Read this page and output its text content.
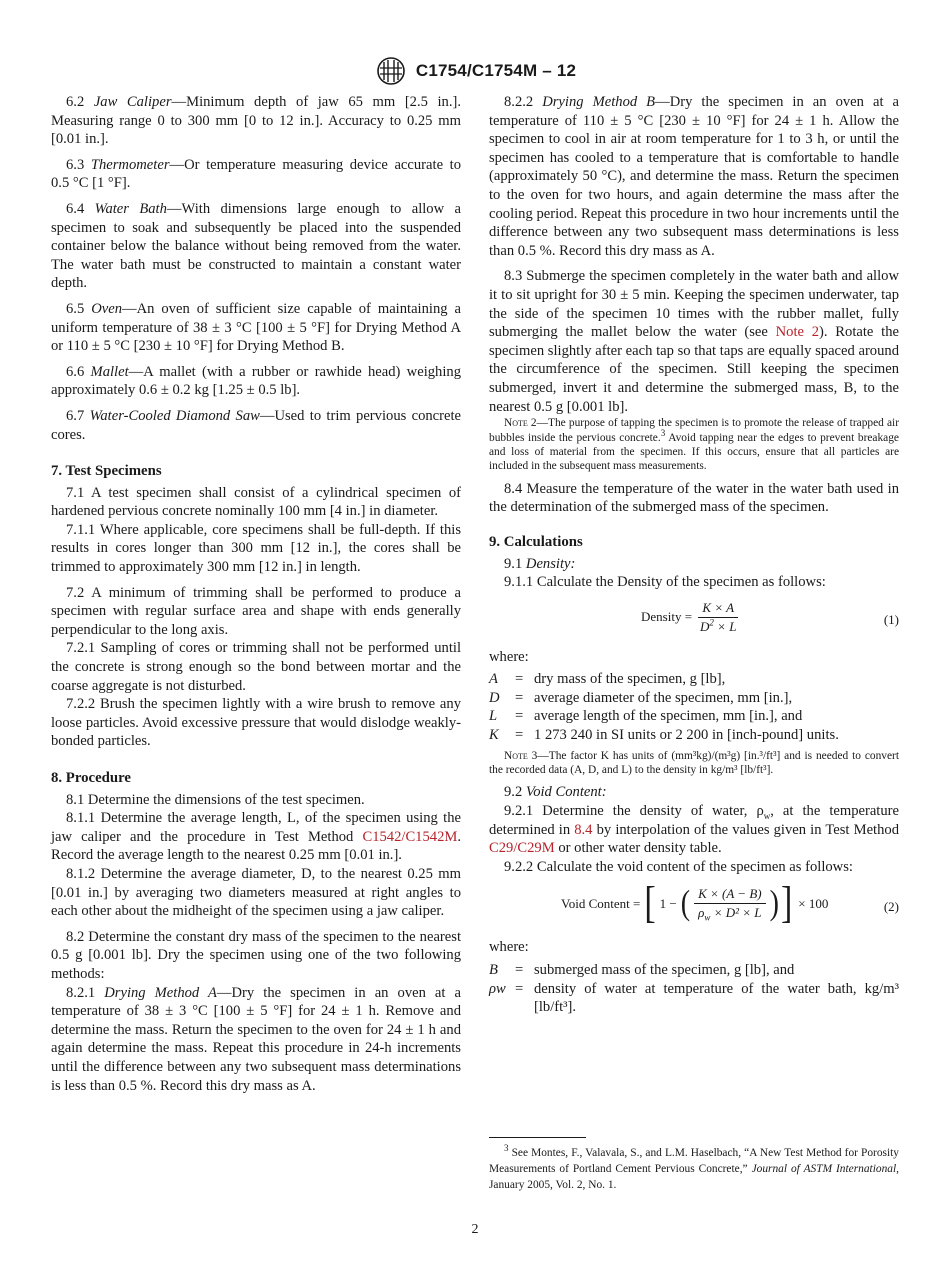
C1754/C1754M – 12

6.2 Jaw Caliper—Minimum depth of jaw 65 mm [2.5 in.]. Measuring range 0 to 300 mm [0 to 12 in.]. Accuracy to 0.25 mm [0.01 in.].

6.3 Thermometer—Or temperature measuring device accurate to 0.5 °C [1 °F].

6.4 Water Bath—With dimensions large enough to allow a specimen to soak and subsequently be placed into the suspended container below the balance without being removed from the water. The water bath must be constructed to maintain a constant water depth.

6.5 Oven—An oven of sufficient size capable of maintaining a uniform temperature of 38 ± 3 °C [100 ± 5 °F] for Drying Method A or 110 ± 5 °C [230 ± 10 °F] for Drying Method B.

6.6 Mallet—A mallet (with a rubber or rawhide head) weighing approximately 0.6 ± 0.2 kg [1.25 ± 0.5 lb].

6.7 Water-Cooled Diamond Saw—Used to trim pervious concrete cores.

7. Test Specimens

7.1 A test specimen shall consist of a cylindrical specimen of hardened pervious concrete nominally 100 mm [4 in.] in diameter.

7.1.1 Where applicable, core specimens shall be full-depth. If this results in cores longer than 300 mm [12 in.], the cores shall be trimmed to approximately 300 mm [12 in.] in length.

7.2 A minimum of trimming shall be performed to produce a specimen with regular surface area and shape with ends generally perpendicular to the long axis.

7.2.1 Sampling of cores or trimming shall not be performed until the concrete is strong enough so the bond between mortar and the coarse aggregate is not disturbed.

7.2.2 Brush the specimen lightly with a wire brush to remove any loose particles. Avoid excessive pressure that would dislodge weakly-bonded particles.

8. Procedure

8.1 Determine the dimensions of the test specimen.

8.1.1 Determine the average length, L, of the specimen using the jaw caliper and the procedure in Test Method C1542/C1542M. Record the average length to the nearest 0.25 mm [0.01 in.].

8.1.2 Determine the average diameter, D, to the nearest 0.25 mm [0.01 in.] by averaging two diameters measured at right angles to each other about the midheight of the specimen using a jaw caliper.

8.2 Determine the constant dry mass of the specimen to the nearest 0.5 g [0.001 lb]. Dry the specimen using one of the two following methods:

8.2.1 Drying Method A—Dry the specimen in an oven at a temperature of 38 ± 3 °C [100 ± 5 °F] for 24 ± 1 h. Remove and determine the mass. Return the specimen to the oven for 24 ± 1 h and again determine the mass. Repeat this procedure in 24-h increments until the difference between any two subsequent mass determinations is less than 0.5 %. Record this dry mass as A.

8.2.2 Drying Method B—Dry the specimen in an oven at a temperature of 110 ± 5 °C [230 ± 10 °F] for 24 ± 1 h. Allow the specimen to cool in air at room temperature for 1 to 3 h, or until the specimen has cooled to a temperature that is comfortable to handle (approximately 50 °C), and determine the mass. Return the specimen to the oven for two hours, and again determine the mass after the cooling period. Repeat this procedure in two hour increments until the difference between any two subsequent mass determinations is less than 0.5 %. Record this dry mass as A.

8.3 Submerge the specimen completely in the water bath and allow it to sit upright for 30 ± 5 min. Keeping the specimen underwater, tap the side of the specimen 10 times with the rubber mallet, fully submerging the mallet below the water (see Note 2). Rotate the specimen slightly after each tap so that taps are equally spaced around the circumference of the specimen. Still keeping the specimen submerged, invert it and determine the submerged mass, B, to the nearest 0.5 g [0.001 lb].

Note 2—The purpose of tapping the specimen is to promote the release of trapped air bubbles inside the pervious concrete.$^3$ Avoid tapping near the edges to prevent breakage and loss of material from the specimen. If this occurs, ensure that all particles are included in the subsequent mass measurements.

8.4 Measure the temperature of the water in the water bath used in the determination of the submerged mass of the specimen.

9. Calculations

9.1 Density:

9.1.1 Calculate the Density of the specimen as follows:

Density = $\frac{K \times A}{D^2 \times L}$	(1)

where:

A	= dry mass of the specimen, g [lb],
D	= average diameter of the specimen, mm [in.],
L	= average length of the specimen, mm [in.], and
K	= 1 273 240 in SI units or 2 200 in [inch-pound] units.

Note 3—The factor K has units of (mm³kg)/(m³g) [in.³/ft³] and is needed to convert the recorded data (A, D, and L) to the density in kg/m³ [lb/ft³].

9.2 Void Content:

9.2.1 Determine the density of water, $\rho_w$, at the temperature determined in 8.4 by interpolation of the values given in Test Method C29/C29M or other water density table.

9.2.2 Calculate the void content of the specimen as follows:

Void Content = [ 1 − ( $\frac{K \times (A - B)}{\rho_w \times D^2 \times L}$ ) ] × 100	(2)

where:

B	= submerged mass of the specimen, g [lb], and
ρw = density of water at temperature of the water bath, kg/m³ [lb/ft³].

$^3$ See Montes, F., Valavala, S., and L.M. Haselbach, “A New Test Method for Porosity Measurements of Portland Cement Pervious Concrete,” Journal of ASTM International, January 2005, Vol. 2, No. 1.

2
